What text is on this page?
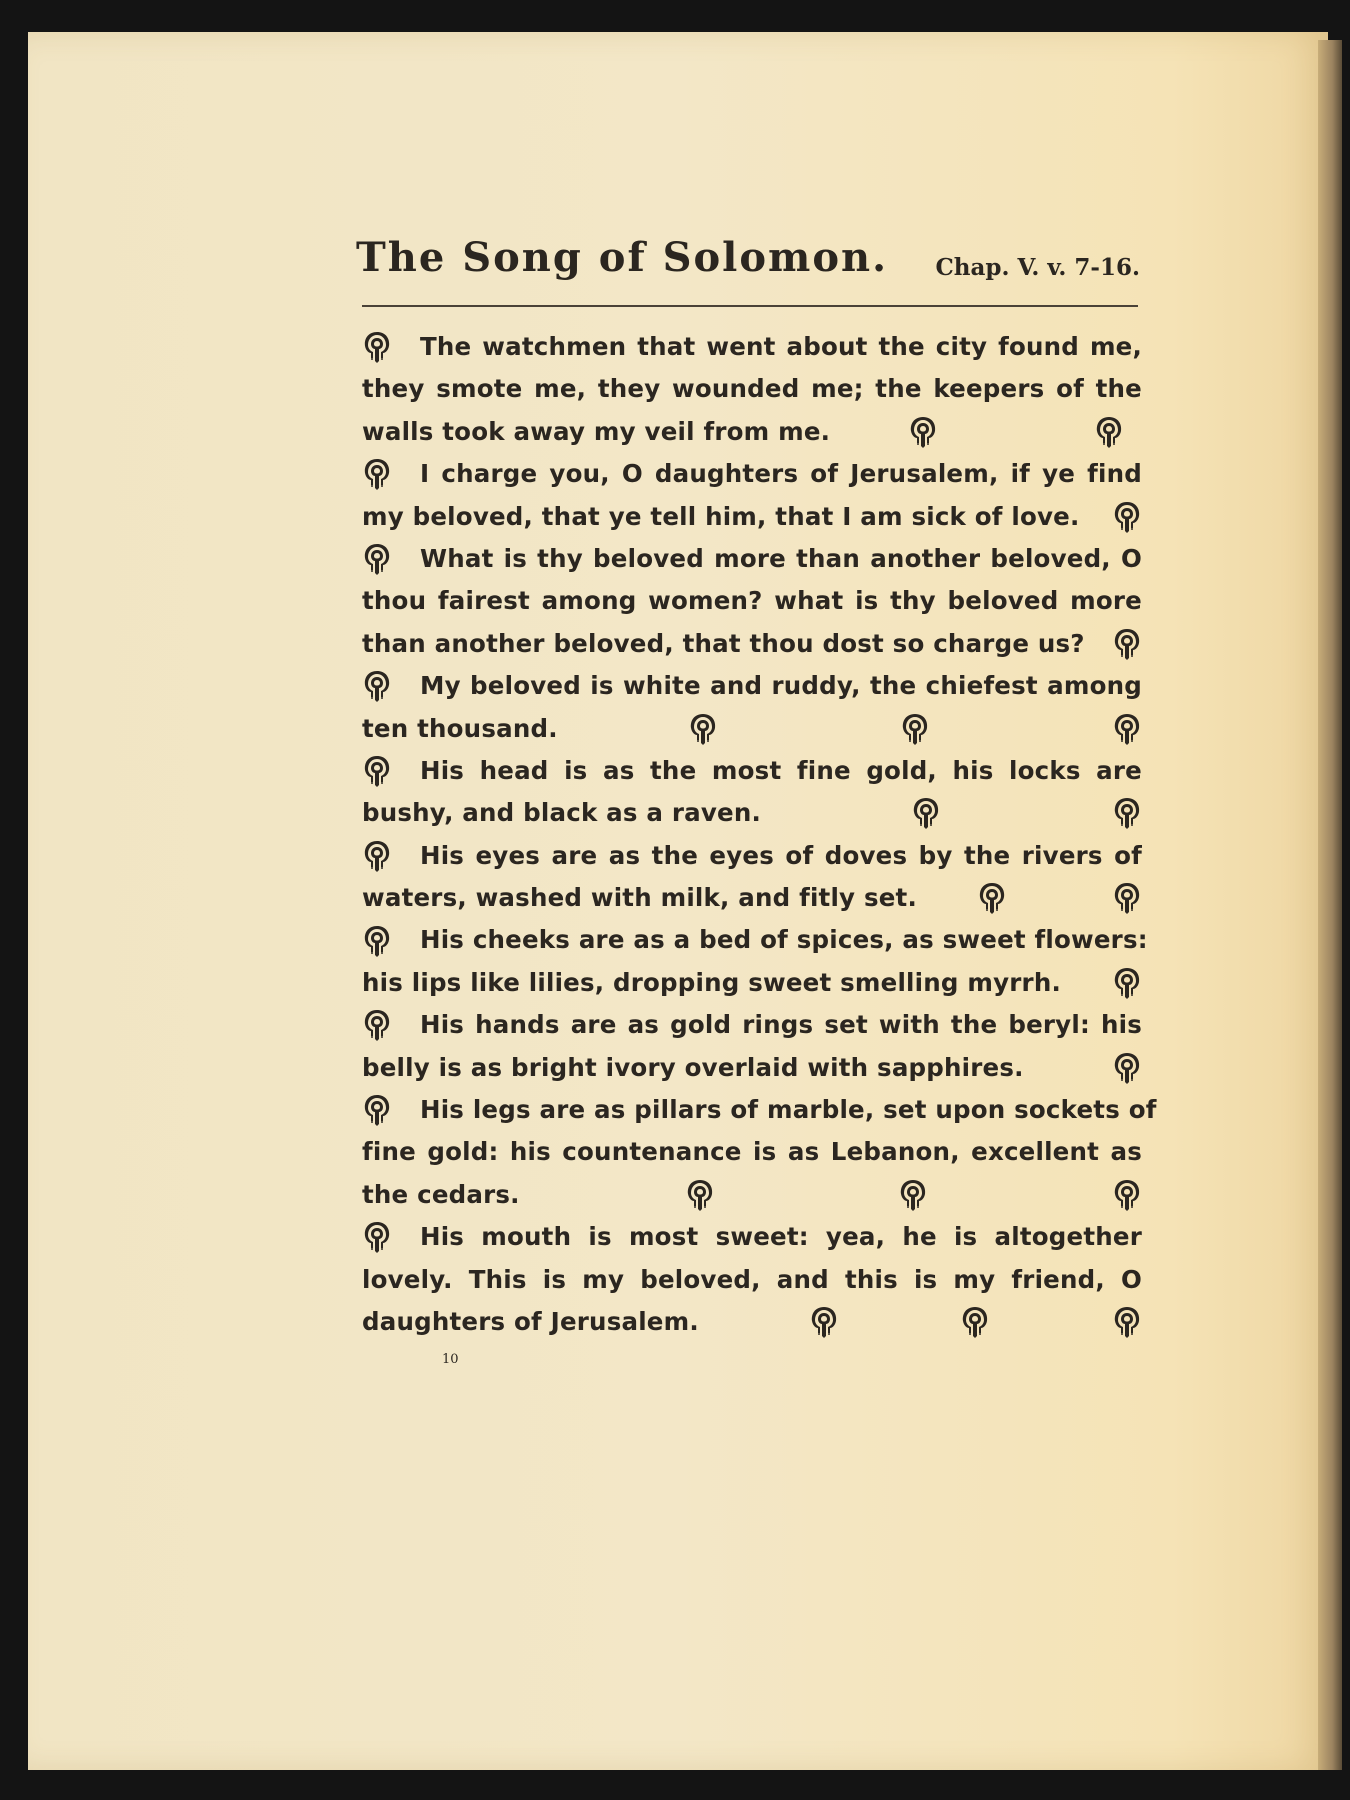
The Song of Solomon. Chap. V. v. 7-16.
The watchmen that went about the city found me,
they smote me, they wounded me; the keepers of the
walls took away my veil from me.
I charge you, O daughters of Jerusalem, if ye find
my beloved, that ye tell him, that I am sick of love.
What is thy beloved more than another beloved, O
thou fairest among women? what is thy beloved more
than another beloved, that thou dost so charge us?
My beloved is white and ruddy, the chiefest among
ten thousand.
His head is as the most fine gold, his locks are
bushy, and black as a raven.
His eyes are as the eyes of doves by the rivers of
waters, washed with milk, and fitly set.
His cheeks are as a bed of spices, as sweet flowers:
his lips like lilies, dropping sweet smelling myrrh.
His hands are as gold rings set with the beryl: his
belly is as bright ivory overlaid with sapphires.
His legs are as pillars of marble, set upon sockets of
fine gold: his countenance is as Lebanon, excellent as
the cedars.
His mouth is most sweet: yea, he is altogether
lovely. This is my beloved, and this is my friend, O
daughters of Jerusalem.
10
